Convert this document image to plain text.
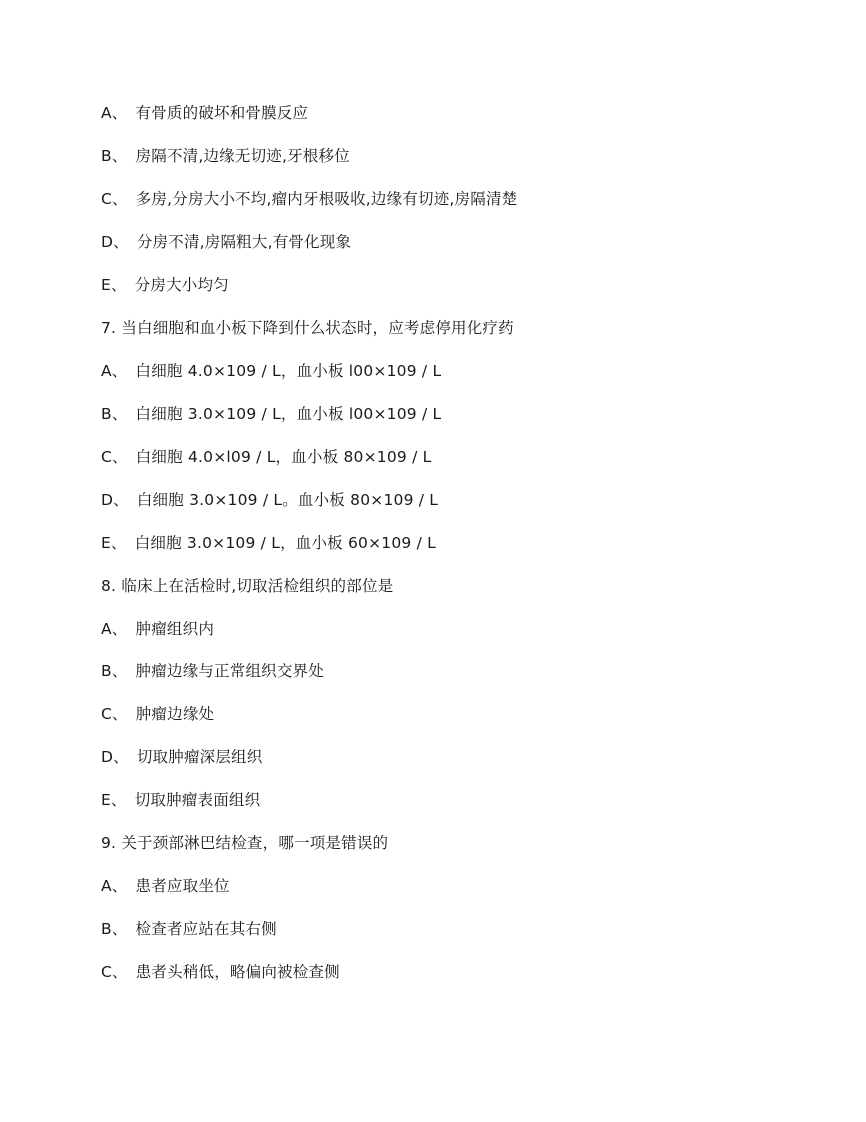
A、 有骨质的破坏和骨膜反应
B、 房隔不清,边缘无切迹,牙根移位
C、 多房,分房大小不均,瘤内牙根吸收,边缘有切迹,房隔清楚
D、 分房不清,房隔粗大,有骨化现象
E、 分房大小均匀
7. 当白细胞和血小板下降到什么状态时，应考虑停用化疗药
A、 白细胞 4.0×109 / L，血小板 l00×109 / L
B、 白细胞 3.0×109 / L，血小板 l00×109 / L
C、 白细胞 4.0×l09 / L，血小板 80×109 / L
D、 白细胞 3.0×109 / L。血小板 80×109 / L
E、 白细胞 3.0×109 / L，血小板 60×109 / L
8. 临床上在活检时,切取活检组织的部位是
A、 肿瘤组织内
B、 肿瘤边缘与正常组织交界处
C、 肿瘤边缘处
D、 切取肿瘤深层组织
E、 切取肿瘤表面组织
9. 关于颈部淋巴结检查，哪一项是错误的
A、 患者应取坐位
B、 检查者应站在其右侧
C、 患者头稍低，略偏向被检查侧
